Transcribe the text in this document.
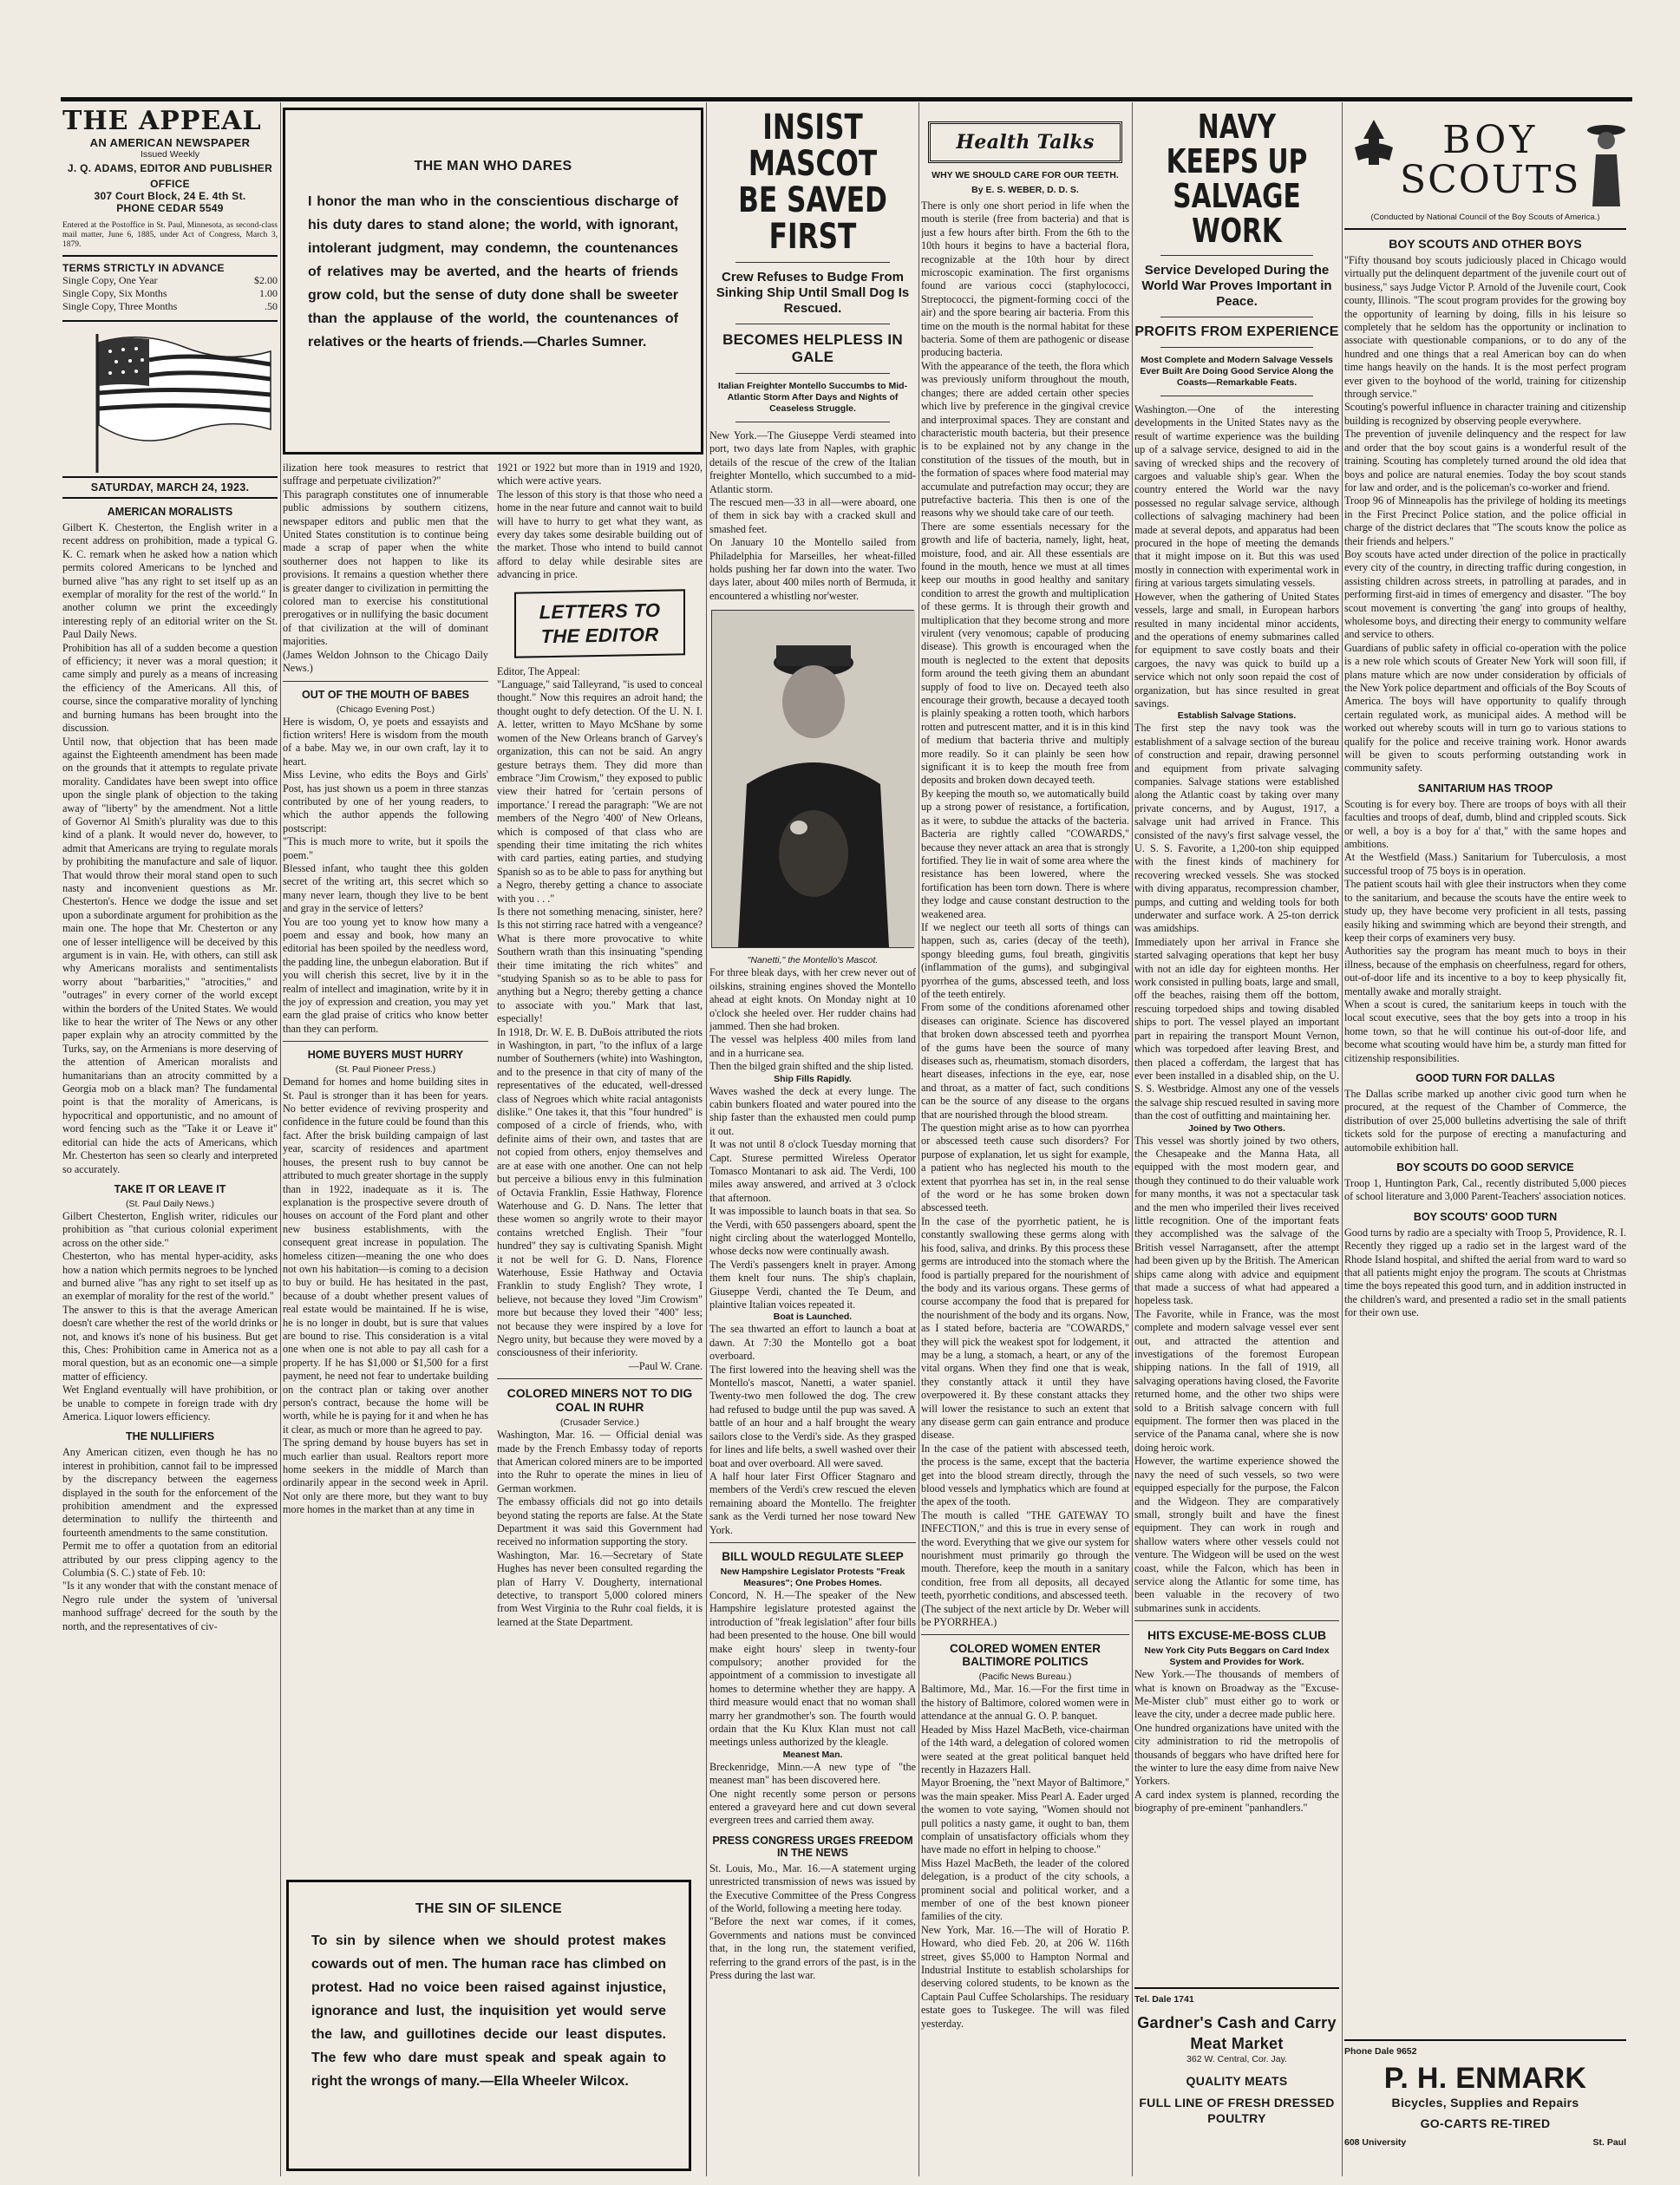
THE APPEAL
AN AMERICAN NEWSPAPER
Issued Weekly
J. Q. ADAMS, EDITOR AND PUBLISHER
OFFICE
307 Court Block, 24 E. 4th St.
PHONE CEDAR 5549

Entered at the Postoffice in St. Paul, Minnesota, as second-class mail matter, June 6, 1885, under Act of Congress, March 3, 1879.

TERMS STRICTLY IN ADVANCE
Single Copy, One Year	$2.00
Single Copy, Six Months	1.00
Single Copy, Three Months	.50
SATURDAY, MARCH 24, 1923.
AMERICAN MORALISTS

Gilbert K. Chesterton, the English writer in a recent address on prohibition, made a typical G. K. C. remark when he asked how a nation which permits colored Americans to be lynched and burned alive "has any right to set itself up as an exemplar of morality for the rest of the world." In another column we print the exceedingly interesting reply of an editorial writer on the St. Paul Daily News.
Prohibition has all of a sudden become a question of efficiency; it never was a moral question; it came simply and purely as a means of increasing the efficiency of the Americans. All this, of course, since the comparative morality of lynching and burning humans has been brought into the discussion.
Until now, that objection that has been made against the Eighteenth amendment has been made on the grounds that it attempts to regulate private morality. Candidates have been swept into office upon the single plank of objection to the taking away of "liberty" by the amendment. Not a little of Governor Al Smith's plurality was due to this kind of a plank. It would never do, however, to admit that Americans are trying to regulate morals by prohibiting the manufacture and sale of liquor. That would throw their moral stand open to such nasty and inconvenient questions as Mr. Chesterton's. Hence we dodge the issue and set upon a subordinate argument for prohibition as the main one. The hope that Mr. Chesterton or any one of lesser intelligence will be deceived by this argument is in vain. He, with others, can still ask why Americans moralists and sentimentalists worry about "barbarities," "atrocities," and "outrages" in every corner of the world except within the borders of the United States. We would like to hear the writer of The News or any other paper explain why an atrocity committed by the Turks, say, on the Armenians is more deserving of the attention of American moralists and humanitarians than an atrocity committed by a Georgia mob on a black man? The fundamental point is that the morality of Americans, is hypocritical and opportunistic, and no amount of word fencing such as the "Take it or Leave it" editorial can hide the acts of Americans, which Mr. Chesterton has seen so clearly and interpreted so accurately.

TAKE IT OR LEAVE IT
(St. Paul Daily News.)

Gilbert Chesterton, English writer, ridicules our prohibition as "that curious colonial experiment across on the other side."
Chesterton, who has mental hyper-acidity, asks how a nation which permits negroes to be lynched and burned alive "has any right to set itself up as an exemplar of morality for the rest of the world."
The answer to this is that the average American doesn't care whether the rest of the world drinks or not, and knows it's none of his business. But get this, Ches: Prohibition came in America not as a moral question, but as an economic one—a simple matter of efficiency.
Wet England eventually will have prohibition, or be unable to compete in foreign trade with dry America. Liquor lowers efficiency.

THE NULLIFIERS

Any American citizen, even though he has no interest in prohibition, cannot fail to be impressed by the discrepancy between the eagerness displayed in the south for the enforcement of the prohibition amendment and the expressed determination to nullify the thirteenth and fourteenth amendments to the same constitution.
Permit me to offer a quotation from an editorial attributed by our press clipping agency to the Columbia (S. C.) state of Feb. 10:
"Is it any wonder that with the constant menace of Negro rule under the system of 'universal manhood suffrage' decreed for the south by the north, and the representatives of civ-

THE MAN WHO DARES

I honor the man who in the conscientious discharge of his duty dares to stand alone; the world, with ignorant, intolerant judgment, may condemn, the countenances of relatives may be averted, and the hearts of friends grow cold, but the sense of duty done shall be sweeter than the applause of the world, the countenances of relatives or the hearts of friends.—Charles Sumner.

ilization here took measures to restrict that suffrage and perpetuate civilization?"
This paragraph constitutes one of innumerable public admissions by southern citizens, newspaper editors and public men that the United States constitution is to continue being made a scrap of paper when the white southerner does not happen to like its provisions. It remains a question whether there is greater danger to civilization in permitting the colored man to exercise his constitutional prerogatives or in nullifying the basic document of that civilization at the will of dominant majorities.
(James Weldon Johnson to the Chicago Daily News.)

OUT OF THE MOUTH OF BABES
(Chicago Evening Post.)

Here is wisdom, O, ye poets and essayists and fiction writers! Here is wisdom from the mouth of a babe. May we, in our own craft, lay it to heart.
Miss Levine, who edits the Boys and Girls' Post, has just shown us a poem in three stanzas contributed by one of her young readers, to which the author appends the following postscript:
"This is much more to write, but it spoils the poem."
Blessed infant, who taught thee this golden secret of the writing art, this secret which so many never learn, though they live to be bent and gray in the service of letters?
You are too young yet to know how many a poem and essay and book, how many an editorial has been spoiled by the needless word, the padding line, the unbegun elaboration. But if you will cherish this secret, live by it in the realm of intellect and imagination, write by it in the joy of expression and creation, you may yet earn the glad praise of critics who know better than they can perform.

HOME BUYERS MUST HURRY
(St. Paul Pioneer Press.)

Demand for homes and home building sites in St. Paul is stronger than it has been for years. No better evidence of reviving prosperity and confidence in the future could be found than this fact. After the brisk building campaign of last year, scarcity of residences and apartment houses, the present rush to buy cannot be attributed to much greater shortage in the supply than in 1922, inadequate as it is. The explanation is the prospective severe drouth of houses on account of the Ford plant and other new business establishments, with the consequent great increase in population. The homeless citizen—meaning the one who does not own his habitation—is coming to a decision to buy or build. He has hesitated in the past, because of a doubt whether present values of real estate would be maintained. If he is wise, he is no longer in doubt, but is sure that values are bound to rise. This consideration is a vital one when one is not able to pay all cash for a property. If he has $1,000 or $1,500 for a first payment, he need not fear to undertake building on the contract plan or taking over another person's contract, because the home will be worth, while he is paying for it and when he has it clear, as much or more than he agreed to pay.
The spring demand by house buyers has set in much earlier than usual. Realtors report more home seekers in the middle of March than ordinarily appear in the second week in April. Not only are there more, but they want to buy more homes in the market than at any time in

1921 or 1922 but more than in 1919 and 1920, which were active years.
The lesson of this story is that those who need a home in the near future and cannot wait to build will have to hurry to get what they want, as every day takes some desirable building out of the market. Those who intend to build cannot afford to delay while desirable sites are advancing in price.

LETTERS TO THE EDITOR

Editor, The Appeal:
"Language," said Talleyrand, "is used to conceal thought." Now this requires an adroit hand; the thought ought to defy detection. Of the U. N. I. A. letter, written to Mayo McShane by some women of the New Orleans branch of Garvey's organization, this can not be said. An angry gesture betrays them. They did more than embrace "Jim Crowism," they exposed to public view their hatred for 'certain persons of importance.' I reread the paragraph: "We are not members of the Negro '400' of New Orleans, which is composed of that class who are spending their time imitating the rich whites with card parties, eating parties, and studying Spanish so as to be able to pass for anything but a Negro, thereby getting a chance to associate with you . . ."
Is there not something menacing, sinister, here? Is this not stirring race hatred with a vengeance? What is there more provocative to white Southern wrath than this insinuating "spending their time imitating the rich whites" and "studying Spanish so as to be able to pass for anything but a Negro; thereby getting a chance to associate with you." Mark that last, especially!
In 1918, Dr. W. E. B. DuBois attributed the riots in Washington, in part, "to the influx of a large number of Southerners (white) into Washington, and to the presence in that city of many of the representatives of the educated, well-dressed class of Negroes which white racial antagonists dislike." One takes it, that this "four hundred" is composed of a circle of friends, who, with definite aims of their own, and tastes that are not copied from others, enjoy themselves and are at ease with one another. One can not help but perceive a bilious envy in this fulmination of Octavia Franklin, Essie Hathway, Florence Waterhouse and G. D. Nans. The letter that these women so angrily wrote to their mayor contains wretched English. Their "four hundred" they say is cultivating Spanish. Might it not be well for G. D. Nans, Florence Waterhouse, Essie Hathway and Octavia Franklin to study English? They wrote, I believe, not because they loved "Jim Crowism" more but because they loved their "400" less; not because they were inspired by a love for Negro unity, but because they were moved by a consciousness of their inferiority.

—Paul W. Crane.

COLORED MINERS NOT TO DIG COAL IN RUHR
(Crusader Service.)

Washington, Mar. 16. — Official denial was made by the French Embassy today of reports that American colored miners are to be imported into the Ruhr to operate the mines in lieu of German workmen.
The embassy officials did not go into details beyond stating the reports are false. At the State Department it was said this Government had received no information supporting the story.
Washington, Mar. 16.—Secretary of State Hughes has never been consulted regarding the plan of Harry V. Dougherty, international detective, to transport 5,000 colored miners from West Virginia to the Ruhr coal fields, it is learned at the State Department.

THE SIN OF SILENCE

To sin by silence when we should protest makes cowards out of men. The human race has climbed on protest. Had no voice been raised against injustice, ignorance and lust, the inquisition yet would serve the law, and guillotines decide our least disputes. The few who dare must speak and speak again to right the wrongs of many.—Ella Wheeler Wilcox.

INSIST MASCOT BE SAVED FIRST
Crew Refuses to Budge From Sinking Ship Until Small Dog Is Rescued.
BECOMES HELPLESS IN GALE
Italian Freighter Montello Succumbs to Mid-Atlantic Storm After Days and Nights of Ceaseless Struggle.

New York.—The Giuseppe Verdi steamed into port, two days late from Naples, with graphic details of the rescue of the crew of the Italian freighter Montello, which succumbed to a mid-Atlantic storm.
The rescued men—33 in all—were aboard, one of them in sick bay with a cracked skull and smashed feet.
On January 10 the Montello sailed from Philadelphia for Marseilles, her wheat-filled holds pushing her far down into the water. Two days later, about 400 miles north of Bermuda, it encountered a whistling nor'wester.

"Nanetti," the Montello's Mascot.

For three bleak days, with her crew never out of oilskins, straining engines shoved the Montello ahead at eight knots. On Monday night at 10 o'clock she heeled over. Her rudder chains had jammed. Then she had broken.
The vessel was helpless 400 miles from land and in a hurricane sea.
Then the bilged grain shifted and the ship listed.

Ship Fills Rapidly.

Waves washed the deck at every lunge. The cabin bunkers floated and water poured into the ship faster than the exhausted men could pump it out.
It was not until 8 o'clock Tuesday morning that Capt. Sturese permitted Wireless Operator Tomasco Montanari to ask aid. The Verdi, 100 miles away answered, and arrived at 3 o'clock that afternoon.
It was impossible to launch boats in that sea. So the Verdi, with 650 passengers aboard, spent the night circling about the waterlogged Montello, whose decks now were continually awash.
The Verdi's passengers knelt in prayer. Among them knelt four nuns. The ship's chaplain, Giuseppe Verdi, chanted the Te Deum, and plaintive Italian voices repeated it.

Boat is Launched.

The sea thwarted an effort to launch a boat at dawn. At 7:30 the Montello got a boat overboard.
The first lowered into the heaving shell was the Montello's mascot, Nanetti, a water spaniel. Twenty-two men followed the dog. The crew had refused to budge until the pup was saved. A battle of an hour and a half brought the weary sailors close to the Verdi's side. As they grasped for lines and life belts, a swell washed over their boat and over overboard. All were saved.
A half hour later First Officer Stagnaro and members of the Verdi's crew rescued the eleven remaining aboard the Montello. The freighter sank as the Verdi turned her nose toward New York.

BILL WOULD REGULATE SLEEP
New Hampshire Legislator Protests "Freak Measures"; One Probes Homes.

Concord, N. H.—The speaker of the New Hampshire legislature protested against the introduction of "freak legislation" after four bills had been presented to the house. One bill would make eight hours' sleep in twenty-four compulsory; another provided for the appointment of a commission to investigate all homes to determine whether they are happy. A third measure would enact that no woman shall marry her grandmother's son. The fourth would ordain that the Ku Klux Klan must not call meetings unless authorized by the kleagle.

Meanest Man.

Breckenridge, Minn.—A new type of "the meanest man" has been discovered here.
One night recently some person or persons entered a graveyard here and cut down several evergreen trees and carried them away.

PRESS CONGRESS URGES FREEDOM IN THE NEWS

St. Louis, Mo., Mar. 16.—A statement urging unrestricted transmission of news was issued by the Executive Committee of the Press Congress of the World, following a meeting here today.
"Before the next war comes, if it comes, Governments and nations must be convinced that, in the long run, the statement verified, referring to the grand errors of the past, is in the Press during the last war.

Health Talks
WHY WE SHOULD CARE FOR OUR TEETH.
By E. S. WEBER, D. D. S.

There is only one short period in life when the mouth is sterile (free from bacteria) and that is just a few hours after birth. From the 6th to the 10th hours it begins to have a bacterial flora, recognizable at the 10th hour by direct microscopic examination. The first organisms found are various cocci (staphylococci, Streptococci, the pigment-forming cocci of the air) and the spore bearing air bacteria. From this time on the mouth is the normal habitat for these bacteria. Some of them are pathogenic or disease producing bacteria.
With the appearance of the teeth, the flora which was previously uniform throughout the mouth, changes; there are added certain other species which live by preference in the gingival crevice and interproximal spaces. They are constant and characteristic mouth bacteria, but their presence is to be explained not by any change in the constitution of the tissues of the mouth, but in the formation of spaces where food material may accumulate and putrefaction may occur; they are putrefactive bacteria. This then is one of the reasons why we should take care of our teeth.
There are some essentials necessary for the growth and life of bacteria, namely, light, heat, moisture, food, and air. All these essentials are found in the mouth, hence we must at all times keep our mouths in good healthy and sanitary condition to arrest the growth and multiplication of these germs. It is through their growth and multiplication that they become strong and more virulent (very venomous; capable of producing disease). This growth is encouraged when the mouth is neglected to the extent that deposits form around the teeth giving them an abundant supply of food to live on. Decayed teeth also encourage their growth, because a decayed tooth is plainly speaking a rotten tooth, which harbors rotten and putrescent matter, and it is in this kind of medium that bacteria thrive and multiply more readily. So it can plainly be seen how significant it is to keep the mouth free from deposits and broken down decayed teeth.
By keeping the mouth so, we automatically build up a strong power of resistance, a fortification, as it were, to subdue the attacks of the bacteria. Bacteria are rightly called "COWARDS," because they never attack an area that is strongly fortified. They lie in wait of some area where the resistance has been lowered, where the fortification has been torn down. There is where they lodge and cause constant destruction to the weakened area.
If we neglect our teeth all sorts of things can happen, such as, caries (decay of the teeth), spongy bleeding gums, foul breath, gingivitis (inflammation of the gums), and subgingival pyorrhea of the gums, abscessed teeth, and loss of the teeth entirely.
From some of the conditions aforenamed other diseases can originate. Science has discovered that broken down abscessed teeth and pyorrhea of the gums have been the source of many diseases such as, rheumatism, stomach disorders, heart diseases, infections in the eye, ear, nose and throat, as a matter of fact, such conditions can be the source of any disease to the organs that are nourished through the blood stream.
The question might arise as to how can pyorrhea or abscessed teeth cause such disorders? For purpose of explanation, let us sight for example, a patient who has neglected his mouth to the extent that pyorrhea has set in, in the real sense of the word or he has some broken down abscessed teeth.
In the case of the pyorrhetic patient, he is constantly swallowing these germs along with his food, saliva, and drinks. By this process these germs are introduced into the stomach where the food is partially prepared for the nourishment of the body and its various organs. These germs of course accompany the food that is prepared for the nourishment of the body and its organs. Now, as I stated before, bacteria are "COWARDS," they will pick the weakest spot for lodgement, it may be a lung, a stomach, a heart, or any of the vital organs. When they find one that is weak, they constantly attack it until they have overpowered it. By these constant attacks they will lower the resistance to such an extent that any disease germ can gain entrance and produce disease.
In the case of the patient with abscessed teeth, the process is the same, except that the bacteria get into the blood stream directly, through the blood vessels and lymphatics which are found at the apex of the tooth.
The mouth is called "THE GATEWAY TO INFECTION," and this is true in every sense of the word. Everything that we give our system for nourishment must primarily go through the mouth. Therefore, keep the mouth in a sanitary condition, free from all deposits, all decayed teeth, pyorrhetic conditions, and abscessed teeth.
(The subject of the next article by Dr. Weber will be PYORRHEA.)

COLORED WOMEN ENTER BALTIMORE POLITICS
(Pacific News Bureau.)

Baltimore, Md., Mar. 16.—For the first time in the history of Baltimore, colored women were in attendance at the annual G. O. P. banquet.
Headed by Miss Hazel MacBeth, vice-chairman of the 14th ward, a delegation of colored women were seated at the great political banquet held recently in Hazazers Hall.
Mayor Broening, the "next Mayor of Baltimore," was the main speaker. Miss Pearl A. Eader urged the women to vote saying, "Women should not pull politics a nasty game, it ought to ban, them complain of unsatisfactory officials whom they have made no effort in helping to choose."
Miss Hazel MacBeth, the leader of the colored delegation, is a product of the city schools, a prominent social and political worker, and a member of one of the best known pioneer families of the city.

New York, Mar. 16.—The will of Horatio P. Howard, who died Feb. 20, at 206 W. 116th street, gives $5,000 to Hampton Normal and Industrial Institute to establish scholarships for deserving colored students, to be known as the Captain Paul Cuffee Scholarships. The residuary estate goes to Tuskegee. The will was filed yesterday.

NAVY KEEPS UP SALVAGE WORK
Service Developed During the World War Proves Important in Peace.
PROFITS FROM EXPERIENCE
Most Complete and Modern Salvage Vessels Ever Built Are Doing Good Service Along the Coasts—Remarkable Feats.

Washington.—One of the interesting developments in the United States navy as the result of wartime experience was the building up of a salvage service, designed to aid in the saving of wrecked ships and the recovery of cargoes and valuable ship's gear. When the country entered the World war the navy possessed no regular salvage service, although collections of salvaging machinery had been made at several depots, and apparatus had been procured in the hope of meeting the demands that it might impose on it. But this was used mostly in connection with experimental work in firing at various targets simulating vessels.
However, when the gathering of United States vessels, large and small, in European harbors resulted in many incidental minor accidents, and the operations of enemy submarines called for equipment to save costly boats and their cargoes, the navy was quick to build up a service which not only soon repaid the cost of organization, but has since resulted in great savings.

Establish Salvage Stations.

The first step the navy took was the establishment of a salvage section of the bureau of construction and repair, drawing personnel and equipment from private salvaging companies. Salvage stations were established along the Atlantic coast by taking over many private concerns, and by August, 1917, a salvage unit had arrived in France. This consisted of the navy's first salvage vessel, the U. S. S. Favorite, a 1,200-ton ship equipped with the finest kinds of machinery for recovering wrecked vessels. She was stocked with diving apparatus, recompression chamber, pumps, and cutting and welding tools for both underwater and surface work. A 25-ton derrick was amidships.
Immediately upon her arrival in France she started salvaging operations that kept her busy with not an idle day for eighteen months. Her work consisted in pulling boats, large and small, off the beaches, raising them off the bottom, rescuing torpedoed ships and towing disabled ships to port. The vessel played an important part in repairing the transport Mount Vernon, which was torpedoed after leaving Brest, and then placed a cofferdam, the largest that has ever been installed in a disabled ship, on the U. S. S. Westbridge. Almost any one of the vessels the salvage ship rescued resulted in saving more than the cost of outfitting and maintaining her.

Joined by Two Others.

This vessel was shortly joined by two others, the Chesapeake and the Manna Hata, all equipped with the most modern gear, and though they continued to do their valuable work for many months, it was not a spectacular task and the men who imperiled their lives received little recognition. One of the important feats they accomplished was the salvage of the British vessel Narragansett, after the attempt had been given up by the British. The American ships came along with advice and equipment that made a success of what had appeared a hopeless task.
The Favorite, while in France, was the most complete and modern salvage vessel ever sent out, and attracted the attention and investigations of the foremost European shipping nations. In the fall of 1919, all salvaging operations having closed, the Favorite returned home, and the other two ships were sold to a British salvage concern with full equipment. The former then was placed in the service of the Panama canal, where she is now doing heroic work.
However, the wartime experience showed the navy the need of such vessels, so two were equipped especially for the purpose, the Falcon and the Widgeon. They are comparatively small, strongly built and have the finest equipment. They can work in rough and shallow waters where other vessels could not venture. The Widgeon will be used on the west coast, while the Falcon, which has been in service along the Atlantic for some time, has been valuable in the recovery of two submarines sunk in accidents.

HITS EXCUSE-ME-BOSS CLUB
New York City Puts Beggars on Card Index System and Provides for Work.

New York.—The thousands of members of what is known on Broadway as the "Excuse-Me-Mister club" must either go to work or leave the city, under a decree made public here.
One hundred organizations have united with the city administration to rid the metropolis of thousands of beggars who have drifted here for the winter to lure the easy dime from naive New Yorkers.
A card index system is planned, recording the biography of pre-eminent "panhandlers."

Tel. Dale 1741
Gardner's Cash and Carry Meat Market
362 W. Central, Cor. Jay.
QUALITY MEATS
FULL LINE OF FRESH DRESSED POULTRY
BOY
SCOUTS
(Conducted by National Council of the Boy Scouts of America.)
BOY SCOUTS AND OTHER BOYS

"Fifty thousand boy scouts judiciously placed in Chicago would virtually put the delinquent department of the juvenile court out of business," says Judge Victor P. Arnold of the Juvenile court, Cook county, Illinois. "The scout program provides for the growing boy the opportunity of learning by doing, fills in his leisure so completely that he seldom has the opportunity or inclination to associate with questionable companions, or to do any of the hundred and one things that a real American boy can do when time hangs heavily on the hands. It is the most perfect program ever given to the boyhood of the world, training for citizenship through service."
Scouting's powerful influence in character training and citizenship building is recognized by observing people everywhere.
The prevention of juvenile delinquency and the respect for law and order that the boy scout gains is a wonderful result of the training. Scouting has completely turned around the old idea that boys and police are natural enemies. Today the boy scout stands for law and order, and is the policeman's co-worker and friend.
Troop 96 of Minneapolis has the privilege of holding its meetings in the First Precinct Police station, and the police official in charge of the district declares that "The scouts know the police as their friends and helpers."
Boy scouts have acted under direction of the police in practically every city of the country, in directing traffic during congestion, in assisting children across streets, in patrolling at parades, and in performing first-aid in times of emergency and disaster. "The boy scout movement is converting 'the gang' into groups of healthy, wholesome boys, and directing their energy to community welfare and service to others.
Guardians of public safety in official co-operation with the police is a new role which scouts of Greater New York will soon fill, if plans mature which are now under consideration by officials of the New York police department and officials of the Boy Scouts of America. The boys will have opportunity to qualify through certain regulated work, as municipal aides. A method will be worked out whereby scouts will in turn go to various stations to qualify for the police and receive training work. Honor awards will be given to scouts performing outstanding work in community safety.

SANITARIUM HAS TROOP

Scouting is for every boy. There are troops of boys with all their faculties and troops of deaf, dumb, blind and crippled scouts. Sick or well, a boy is a boy for a' that," with the same hopes and ambitions.
At the Westfield (Mass.) Sanitarium for Tuberculosis, a most successful troop of 75 boys is in operation.
The patient scouts hail with glee their instructors when they come to the sanitarium, and because the scouts have the entire week to study up, they have become very proficient in all tests, passing easily hiking and swimming which are beyond their strength, and keep their corps of examiners very busy.
Authorities say the program has meant much to boys in their illness, because of the emphasis on cheerfulness, regard for others, out-of-door life and its incentive to a boy to keep physically fit, mentally awake and morally straight.
When a scout is cured, the sanitarium keeps in touch with the local scout executive, sees that the boy gets into a troop in his home town, so that he will continue his out-of-door life, and become what scouting would have him be, a sturdy man fitted for citizenship responsibilities.

GOOD TURN FOR DALLAS

The Dallas scribe marked up another civic good turn when he procured, at the request of the Chamber of Commerce, the distribution of over 25,000 bulletins advertising the sale of thrift tickets sold for the purpose of erecting a manufacturing and automobile exhibition hall.

BOY SCOUTS DO GOOD SERVICE

Troop 1, Huntington Park, Cal., recently distributed 5,000 pieces of school literature and 3,000 Parent-Teachers' association notices.

BOY SCOUTS' GOOD TURN

Good turns by radio are a specialty with Troop 5, Providence, R. I. Recently they rigged up a radio set in the largest ward of the Rhode Island hospital, and shifted the aerial from ward to ward so that all patients might enjoy the program. The scouts at Christmas time the boys repeated this good turn, and in addition instructed in the children's ward, and presented a radio set in the small patients for their own use.

Phone Dale 9652
P. H. ENMARK
Bicycles, Supplies and Repairs
GO-CARTS RE-TIRED
608 University	St. Paul
